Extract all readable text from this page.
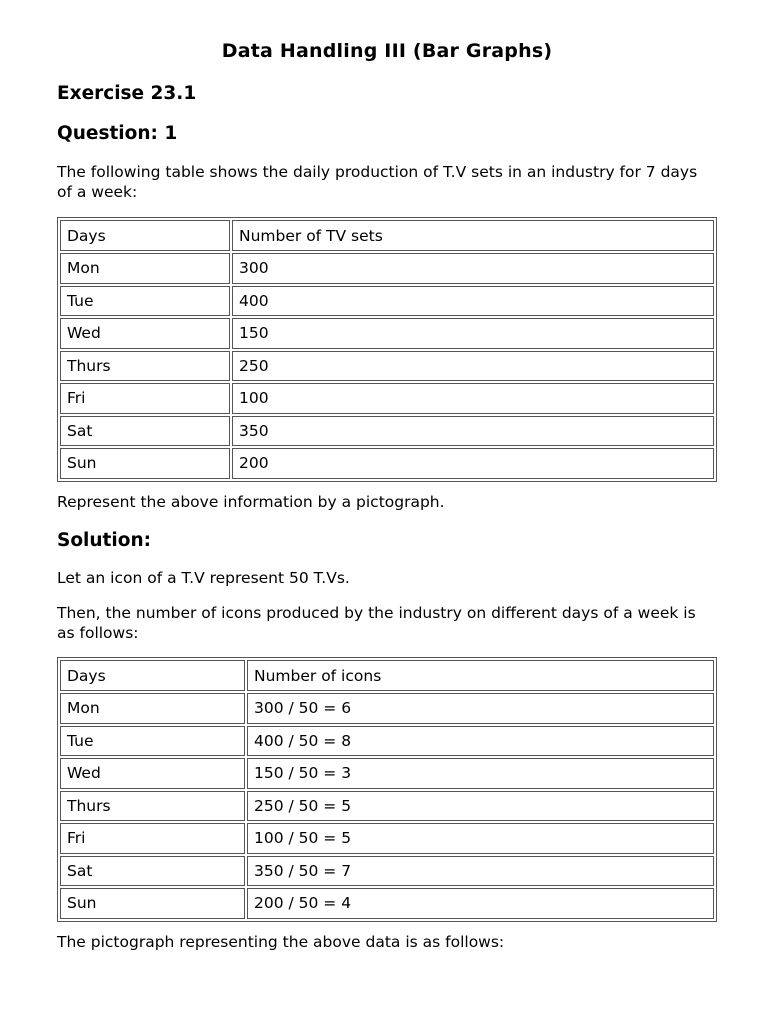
Data Handling III (Bar Graphs)
Exercise 23.1
Question: 1
The following table shows the daily production of T.V sets in an industry for 7 days of a week:
Days	Number of TV sets
Mon	300
Tue	400
Wed	150
Thurs	250
Fri	100
Sat	350
Sun	200
Represent the above information by a pictograph.
Solution:
Let an icon of a T.V represent 50 T.Vs.
Then, the number of icons produced by the industry on different days of a week is as follows:
Days	Number of icons
Mon	300 / 50 = 6
Tue	400 / 50 = 8
Wed	150 / 50 = 3
Thurs	250 / 50 = 5
Fri	100 / 50 = 5
Sat	350 / 50 = 7
Sun	200 / 50 = 4
The pictograph representing the above data is as follows:
